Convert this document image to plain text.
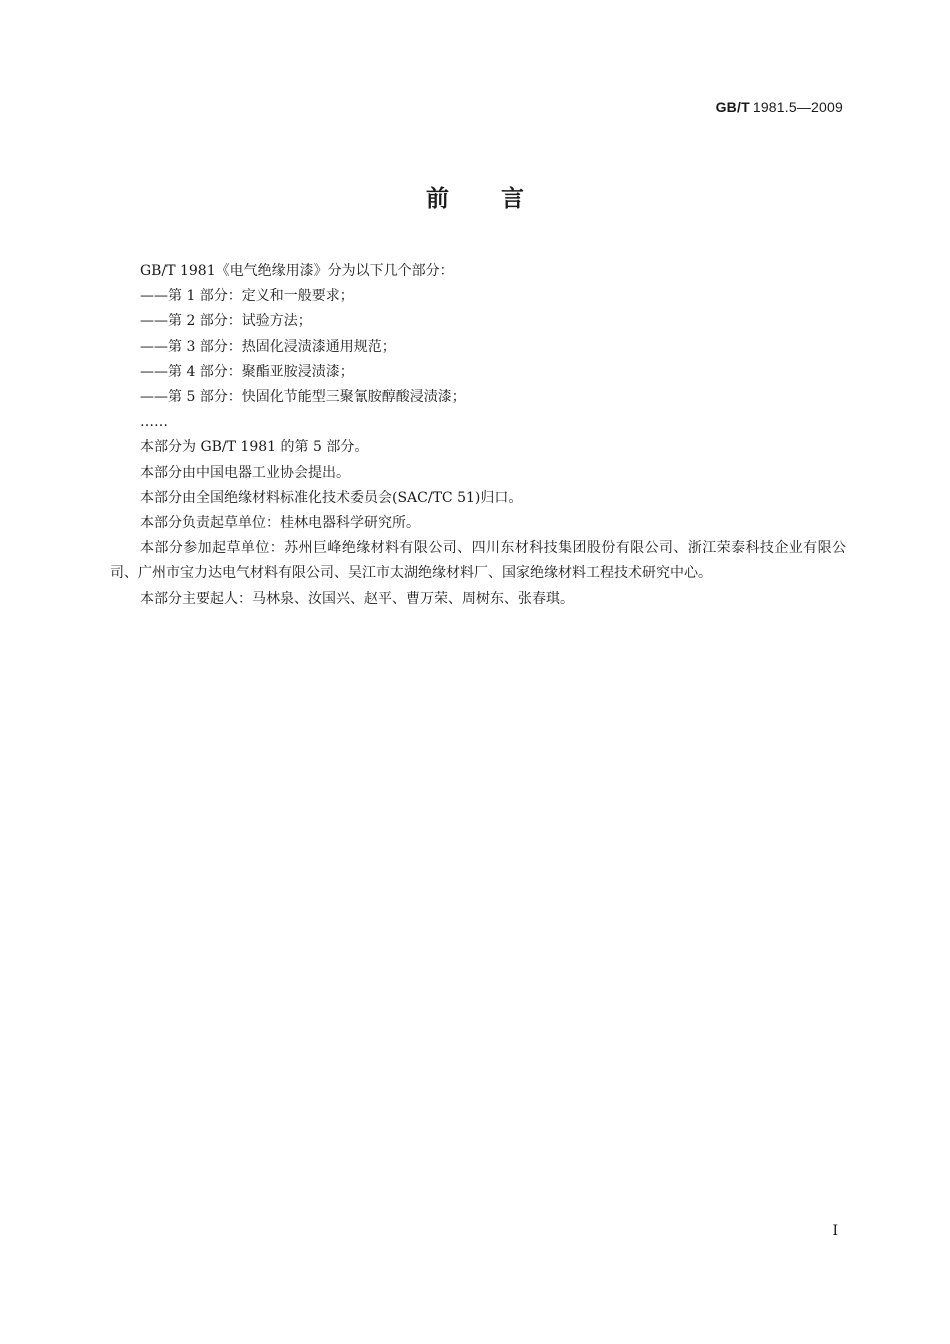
GB/T 1981.5—2009
前言

GB/T 1981《电气绝缘用漆》分为以下几个部分：

——第 1 部分：定义和一般要求；

——第 2 部分：试验方法；

——第 3 部分：热固化浸渍漆通用规范；

——第 4 部分：聚酯亚胺浸渍漆；

——第 5 部分：快固化节能型三聚氰胺醇酸浸渍漆；

……

本部分为 GB/T 1981 的第 5 部分。

本部分由中国电器工业协会提出。

本部分由全国绝缘材料标准化技术委员会(SAC/TC 51)归口。

本部分负责起草单位：桂林电器科学研究所。

本部分参加起草单位：苏州巨峰绝缘材料有限公司、四川东材科技集团股份有限公司、浙江荣泰科技企业有限公司、广州市宝力达电气材料有限公司、吴江市太湖绝缘材料厂、国家绝缘材料工程技术研究中心。

本部分主要起人：马林泉、汝国兴、赵平、曹万荣、周树东、张春琪。

I
